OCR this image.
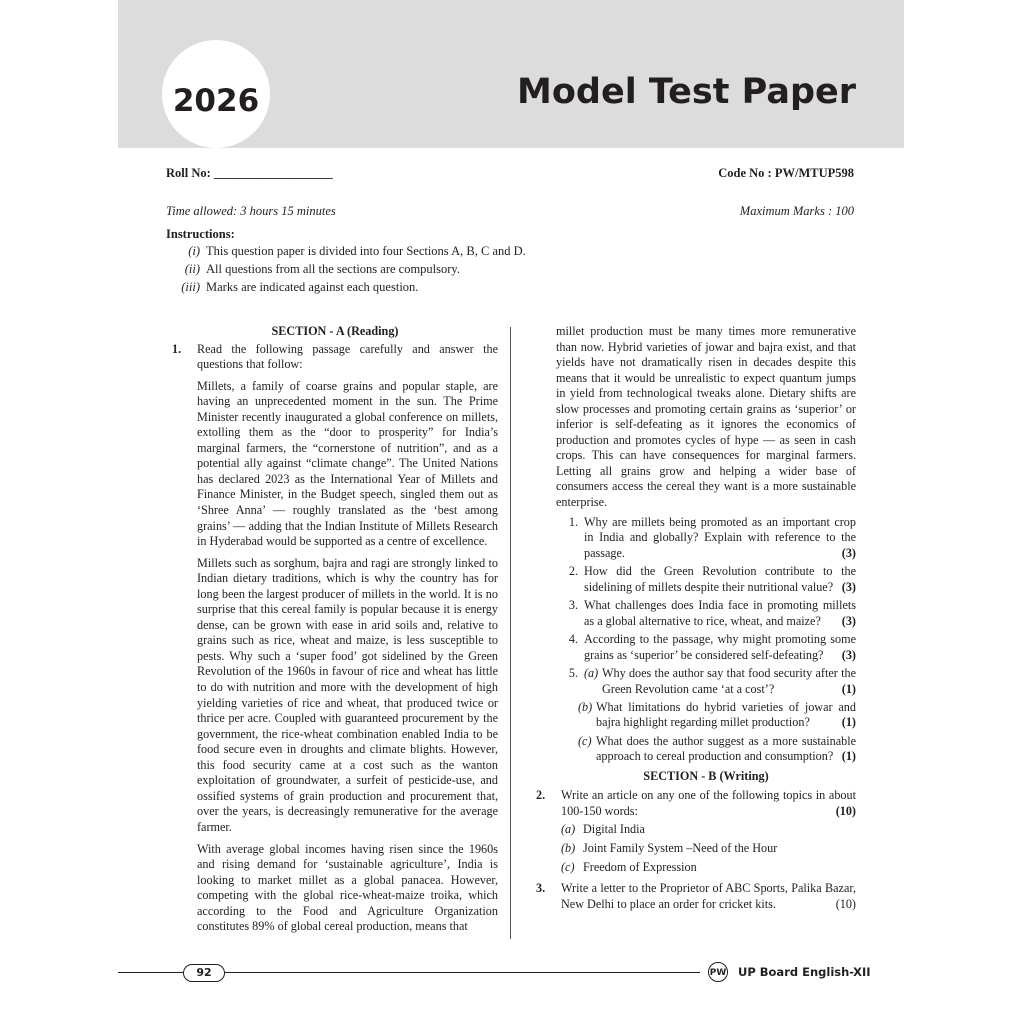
2026	Model Test Paper
Roll No: ___________________	Code No : PW/MTUP598
Time allowed: 3 hours 15 minutes	Maximum Marks : 100
Instructions:
(i) This question paper is divided into four Sections A, B, C and D.
(ii) All questions from all the sections are compulsory.
(iii) Marks are indicated against each question.
SECTION - A (Reading)
1.	Read the following passage carefully and answer the questions that follow:

Millets, a family of coarse grains and popular staple, are having an unprecedented moment in the sun. The Prime Minister recently inaugurated a global conference on millets, extolling them as the “door to prosperity” for India’s marginal farmers, the “cornerstone of nutrition”, and as a potential ally against “climate change”. The United Nations has declared 2023 as the International Year of Millets and Finance Minister, in the Budget speech, singled them out as ‘Shree Anna’ — roughly translated as the ‘best among grains’ — adding that the Indian Institute of Millets Research in Hyderabad would be supported as a centre of excellence.

Millets such as sorghum, bajra and ragi are strongly linked to Indian dietary traditions, which is why the country has for long been the largest producer of millets in the world. It is no surprise that this cereal family is popular because it is energy dense, can be grown with ease in arid soils and, relative to grains such as rice, wheat and maize, is less susceptible to pests. Why such a ‘super food’ got sidelined by the Green Revolution of the 1960s in favour of rice and wheat has little to do with nutrition and more with the development of high yielding varieties of rice and wheat, that produced twice or thrice per acre. Coupled with guaranteed procurement by the government, the rice-wheat combination enabled India to be food secure even in droughts and climate blights. However, this food security came at a cost such as the wanton exploitation of groundwater, a surfeit of pesticide-use, and ossified systems of grain production and procurement that, over the years, is decreasingly remunerative for the average farmer.

With average global incomes having risen since the 1960s and rising demand for ‘sustainable agriculture’, India is looking to market millet as a global panacea. However, competing with the global rice-wheat-maize troika, which according to the Food and Agriculture Organization constitutes 89% of global cereal production, means that

millet production must be many times more remunerative than now. Hybrid varieties of jowar and bajra exist, and that yields have not dramatically risen in decades despite this means that it would be unrealistic to expect quantum jumps in yield from technological tweaks alone. Dietary shifts are slow processes and promoting certain grains as ‘superior’ or inferior is self-defeating as it ignores the economics of production and promotes cycles of hype — as seen in cash crops. This can have consequences for marginal farmers. Letting all grains grow and helping a wider base of consumers access the cereal they want is a more sustainable enterprise.

1. Why are millets being promoted as an important crop in India and globally? Explain with reference to the passage.	(3)
2. How did the Green Revolution contribute to the sidelining of millets despite their nutritional value? (3)
3. What challenges does India face in promoting millets as a global alternative to rice, wheat, and maize?	(3)
4. According to the passage, why might promoting some grains as ‘superior’ be considered self-defeating?	(3)
5. (a) Why does the author say that food security after the Green Revolution came ‘at a cost’?	(1)
(b) What limitations do hybrid varieties of jowar and bajra highlight regarding millet production?	(1)
(c) What does the author suggest as a more sustainable approach to cereal production and consumption? (1)
SECTION - B (Writing)
2.	Write an article on any one of the following topics in about 100-150 words:	(10)
(a) Digital India
(b) Joint Family System –Need of the Hour
(c) Freedom of Expression
3.	Write a letter to the Proprietor of ABC Sports, Palika Bazar, New Delhi to place an order for cricket kits.	(10)
92	PW UP Board English-XII
